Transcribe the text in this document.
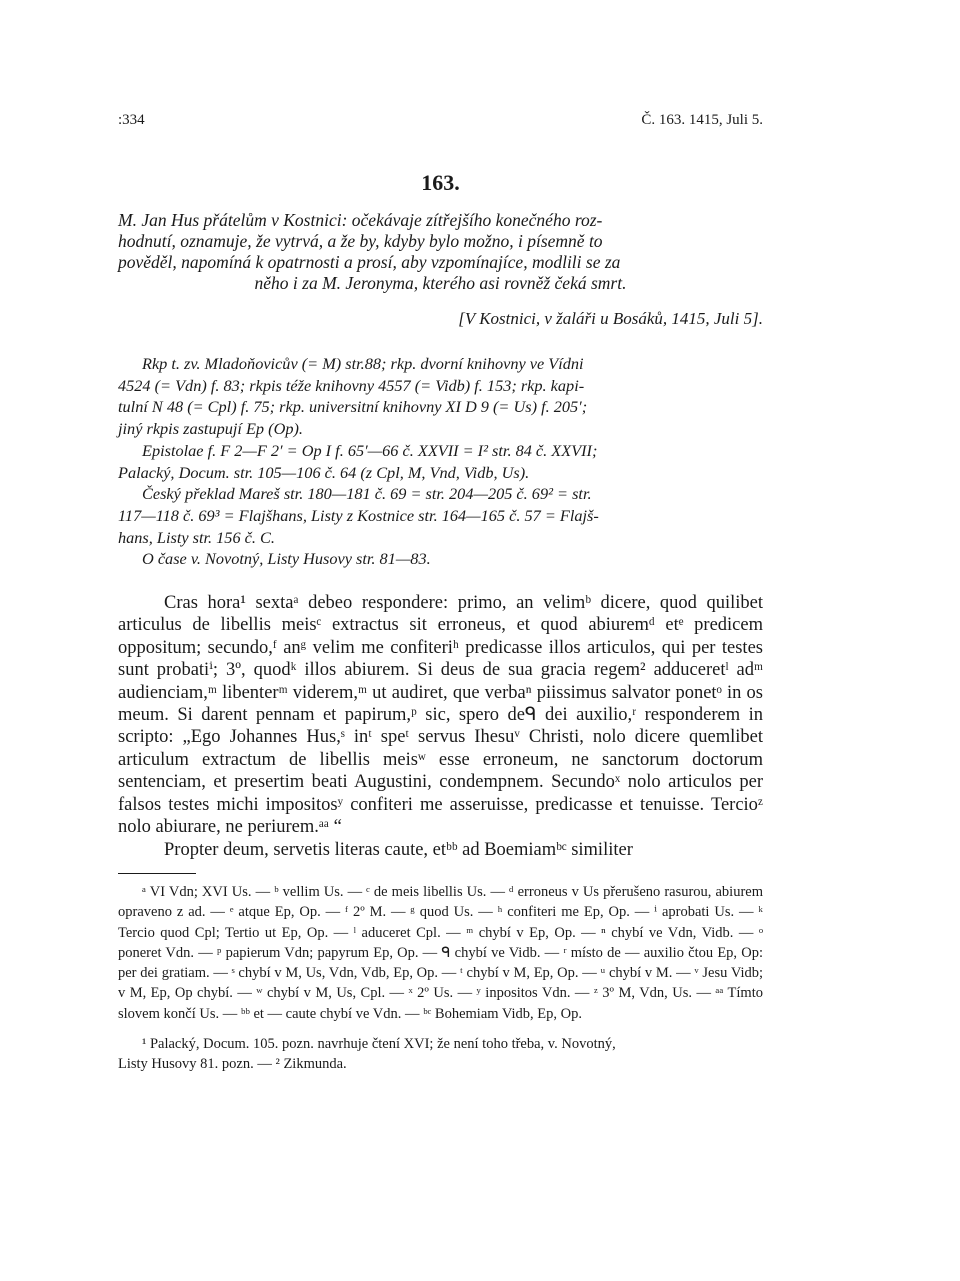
:334	Č. 163. 1415, Juli 5.
163.
M. Jan Hus přátelům v Kostnici: očekávaje zítřejšího konečného roz-
hodnutí, oznamuje, že vytrvá, a že by, kdyby bylo možno, i písemně to
pověděl, napomíná k opatrnosti a prosí, aby vzpomínajíce, modlili se za
něho i za M. Jeronyma, kterého asi rovněž čeká smrt.
[V Kostnici, v žaláři u Bosáků, 1415, Juli 5].

Rkp t. zv. Mladoňovicův (= M) str.88; rkp. dvorní knihovny ve Vídni

4524 (= Vdn) f. 83; rkpis téže knihovny 4557 (= Vidb) f. 153; rkp. kapi-

tulní N 48 (= Cpl) f. 75; rkp. universitní knihovny XI D 9 (= Us) f. 205′;

jiný rkpis zastupují Ep (Op).

Epistolae f. F 2—F 2′ = Op I f. 65′—66 č. XXVII = I² str. 84 č. XXVII;

Palacký, Docum. str. 105—106 č. 64 (z Cpl, M, Vnd, Vidb, Us).

Český překlad Mareš str. 180—181 č. 69 = str. 204—205 č. 69² = str.

117—118 č. 69³ = Flajšhans, Listy z Kostnice str. 164—165 č. 57 = Flajš-

hans, Listy str. 156 č. C.

O čase v. Novotný, Listy Husovy str. 81—83.

Cras hora¹ sextaᵃ debeo respondere: primo, an velimᵇ dicere, quod quilibet articulus de libellis meisᶜ extractus sit erroneus, et quod abiuremᵈ etᵉ predicem oppositum; secundo,ᶠ anᵍ velim me confiteriʰ predicasse illos articulos, qui per testes sunt probatiⁱ; 3º, quodᵏ illos abiurem. Si deus de sua gracia regem² adduceretˡ adᵐ audienciam,ᵐ libenterᵐ viderem,ᵐ ut audiret, que verbaⁿ piissimus salvator ponetᵒ in os meum. Si darent pennam et papirum,ᵖ sic, spero deᑫ dei auxilio,ʳ responderem in scripto: „Ego Johannes Hus,ˢ inᵗ speᵗ servus Ihesuᵛ Christi, nolo dicere quemlibet articulum extractum de libellis meisʷ esse erroneum, ne sanctorum doctorum sentenciam, et presertim beati Augustini, condempnem. Secundoˣ nolo articulos per falsos testes michi impositosʸ confiteri me asseruisse, predicasse et tenuisse. Tercioᶻ nolo abiurare, ne periurem.ᵃᵃ “

Propter deum, servetis literas caute, etᵇᵇ ad Boemiamᵇᶜ similiter

ᵃ VI Vdn; XVI Us. — ᵇ vellim Us. — ᶜ de meis libellis Us. — ᵈ erroneus v Us přerušeno rasurou, abiurem opraveno z ad. — ᵉ atque Ep, Op. — ᶠ 2º M. — ᵍ quod Us. — ʰ confiteri me Ep, Op. — ⁱ aprobati Us. — ᵏ Tercio quod Cpl; Tertio ut Ep, Op. — ˡ aduceret Cpl. — ᵐ chybí v Ep, Op. — ⁿ chybí ve Vdn, Vidb. — ᵒ poneret Vdn. — ᵖ papierum Vdn; papyrum Ep, Op. — ᑫ chybí ve Vidb. — ʳ místo de — auxilio čtou Ep, Op: per dei gratiam. — ˢ chybí v M, Us, Vdn, Vdb, Ep, Op. — ᵗ chybí v M, Ep, Op. — ᵘ chybí v M. — ᵛ Jesu Vidb; v M, Ep, Op chybí. — ʷ chybí v M, Us, Cpl. — ˣ 2º Us. — ʸ inpositos Vdn. — ᶻ 3º M, Vdn, Us. — ᵃᵃ Tímto slovem končí Us. — ᵇᵇ et — caute chybí ve Vdn. — ᵇᶜ Bohemiam Vidb, Ep, Op.

¹ Palacký, Docum. 105. pozn. navrhuje čtení XVI; že není toho třeba, v. Novotný,

Listy Husovy 81. pozn. — ² Zikmunda.
